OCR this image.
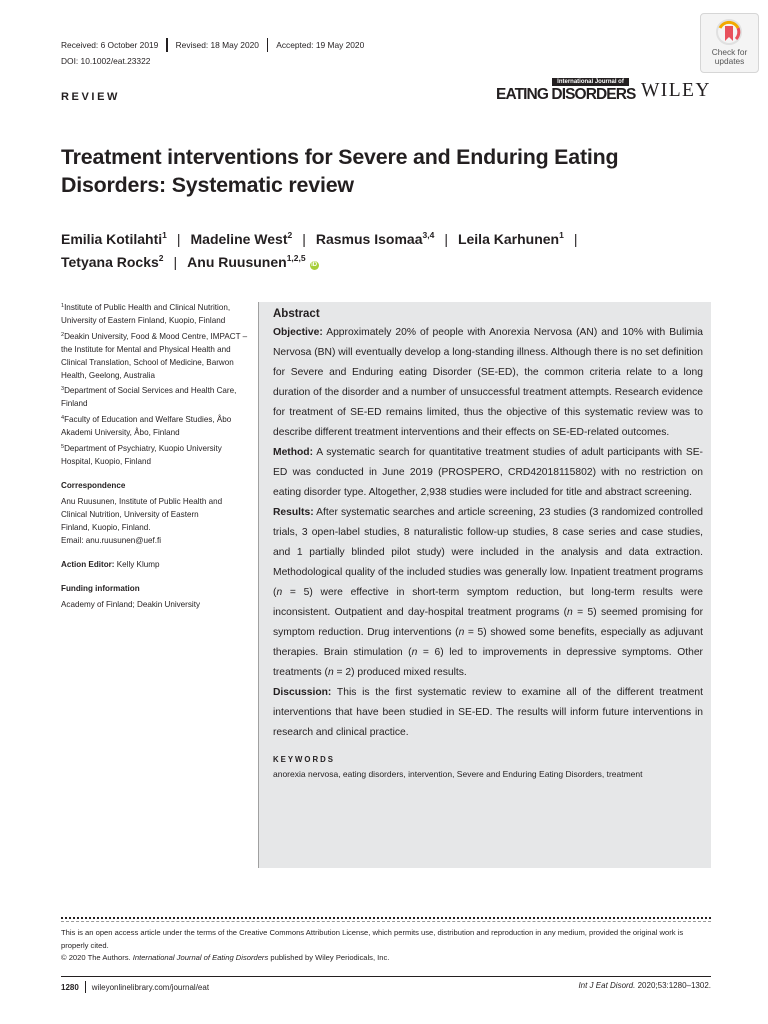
Received: 6 October 2019 Revised: 18 May 2020 Accepted: 19 May 2020
DOI: 10.1002/eat.23322
Check for
updates
REVIEW
International Journal of
EATING DISORDERS WILEY
Treatment interventions for Severe and Enduring Eating Disorders: Systematic review
Emilia Kotilahti$^1$ | Madeline West$^2$ | Rasmus Isomaa$^{3,4}$ | Leila Karhunen$^1$ |
Tetyana Rocks$^2$ | Anu Ruusunen$^{1,2,5}$iD

$^1$Institute of Public Health and Clinical Nutrition, University of Eastern Finland, Kuopio, Finland

$^2$Deakin University, Food & Mood Centre, IMPACT – the Institute for Mental and Physical Health and Clinical Translation, School of Medicine, Barwon Health, Geelong, Australia

$^3$Department of Social Services and Health Care, Finland

$^4$Faculty of Education and Welfare Studies, Åbo Akademi University, Åbo, Finland

$^5$Department of Psychiatry, Kuopio University Hospital, Kuopio, Finland

Correspondence

Anu Ruusunen, Institute of Public Health and
Clinical Nutrition, University of Eastern
Finland, Kuopio, Finland.
Email: anu.ruusunen@uef.fi

Action Editor: Kelly Klump

Funding information

Academy of Finland; Deakin University

Abstract

Objective: Approximately 20% of people with Anorexia Nervosa (AN) and 10% with Bulimia Nervosa (BN) will eventually develop a long-standing illness. Although there is no set definition for Severe and Enduring eating Disorder (SE-ED), the common criteria relate to a long duration of the disorder and a number of unsuccessful treatment attempts. Research evidence for treatment of SE-ED remains limited, thus the objective of this systematic review was to describe different treatment interventions and their effects on SE-ED-related outcomes.

Method: A systematic search for quantitative treatment studies of adult participants with SE-ED was conducted in June 2019 (PROSPERO, CRD42018115802) with no restriction on eating disorder type. Altogether, 2,938 studies were included for title and abstract screening.

Results: After systematic searches and article screening, 23 studies (3 randomized controlled trials, 3 open-label studies, 8 naturalistic follow-up studies, 8 case series and case studies, and 1 partially blinded pilot study) were included in the analysis and data extraction. Methodological quality of the included studies was generally low. Inpatient treatment programs (n = 5) were effective in short-term symptom reduction, but long-term results were inconsistent. Outpatient and day-hospital treatment programs (n = 5) seemed promising for symptom reduction. Drug interventions (n = 5) showed some benefits, especially as adjuvant therapies. Brain stimulation (n = 6) led to improvements in depressive symptoms. Other treatments (n = 2) produced mixed results.

Discussion: This is the first systematic review to examine all of the different treatment interventions that have been studied in SE-ED. The results will inform future interventions in research and clinical practice.

KEYWORDS
anorexia nervosa, eating disorders, intervention, Severe and Enduring Eating Disorders, treatment
This is an open access article under the terms of the Creative Commons Attribution License, which permits use, distribution and reproduction in any medium, provided the original work is properly cited.
© 2020 The Authors. International Journal of Eating Disorders published by Wiley Periodicals, Inc.
1280 wileyonlinelibrary.com/journal/eat	Int J Eat Disord. 2020;53:1280–1302.
